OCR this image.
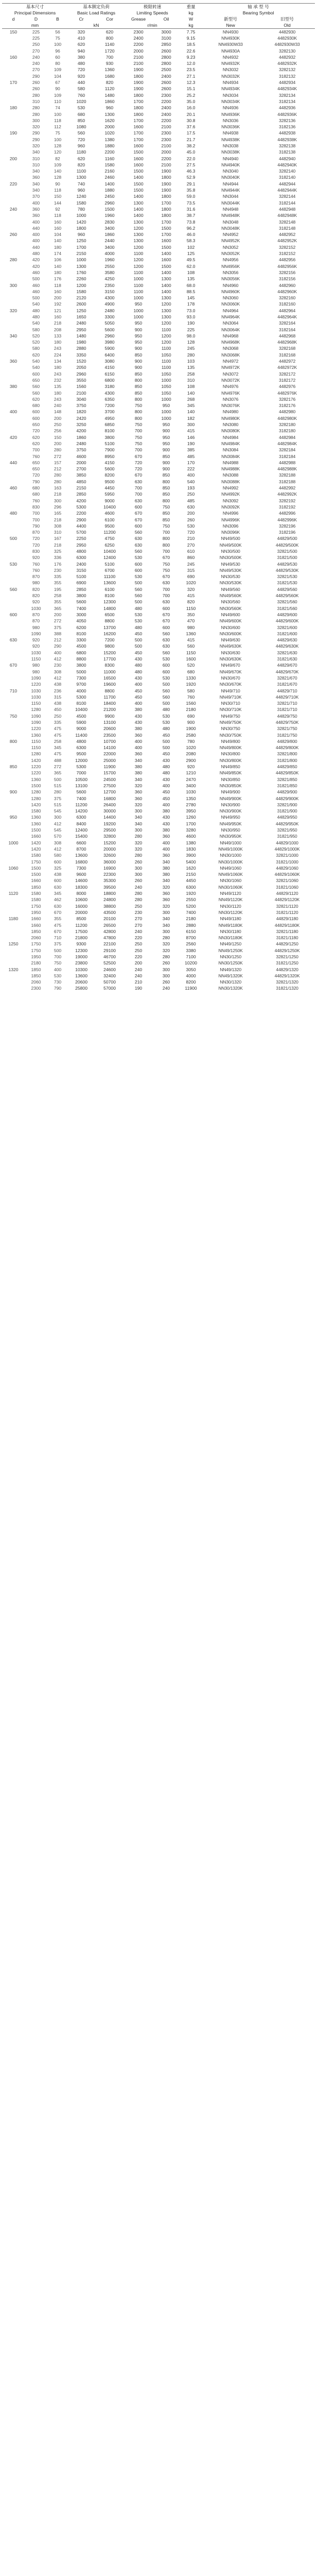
基本尺寸			基本额定负荷		极限转速		重量	轴 承 型 号	
Principal Dimensions			Basic Load Ratings		Limiting Speeds		kg	Bearing Symbol	
d	D	B	Cr	Cor	Grease	Oil	W	新型号	旧型号
mm			kN		r/min		kg	New	Old
150	225	56	320	620	2300	3000	7.75	NN4930	4482930
	225	75	410	800	2400	3100	9.15	NN4930K	4482930K
	250	100	620	1140	2200	2850	18.5	NN4930W33	4482930W33
	270	96	940	1720	2000	2600	22.6	NN4930A	3282130
160	240	60	380	700	2100	2800	9.23	NN4932	4482932
	240	80	480	930	2100	2800	12.0	NN4932K	4482932K
	270	109	720	1360	1900	2500	23.5	NN3032	3282132
	290	104	920	1680	1800	2400	27.1	NN3032K	3182132
170	260	67	440	820	1900	2600	12.3	NN4934	4482934
	260	90	580	1120	1900	2600	15.1	NN4934K	4482934K
	280	109	760	1480	1800	2300	25.2	NN3034	3282134
	310	110	1020	1860	1700	2200	35.0	NN3034K	3182134
180	280	74	530	960	1800	2400	16.0	NN4936	4482936
	280	100	680	1300	1800	2400	20.1	NN4936K	4482936K
	300	118	850	1620	1700	2200	30.8	NN3036	3282136
	320	112	1080	2000	1600	2100	37.6	NN3036K	3182136
190	290	75	560	1020	1700	2300	17.5	NN4938	4482938
	290	100	720	1380	1700	2300	21.7	NN4938K	4482938K
	320	128	960	1880	1600	2100	38.2	NN3038	3282138
	340	120	1180	2200	1500	2000	45.0	NN3038K	3182138
200	310	82	620	1160	1600	2200	22.0	NN4940	4482940
	310	109	820	1580	1600	2100	27.5	NN4940K	4482940K
	340	140	1100	2160	1500	1900	46.3	NN3040	3282140
	360	128	1300	2460	1400	1800	52.9	NN3040K	3182140
220	340	90	740	1400	1500	1900	29.1	NN4944	4482944
	340	118	960	1880	1500	1900	35.8	NN4944K	4482944K
	370	150	1240	2450	1400	1800	59.0	NN3044	3282144
	400	144	1580	2960	1300	1700	73.5	NN3044K	3182144
240	360	92	780	1500	1400	1800	31.6	NN4948	4482948
	360	118	1000	1960	1400	1800	38.7	NN4948K	4482948K
	400	160	1420	2830	1300	1700	73.8	NN3048	3282148
	440	160	1800	3400	1200	1500	96.2	NN3048K	3182148
260	400	104	960	1860	1300	1700	46.0	NN4952	4482952
	400	140	1250	2440	1300	1600	58.3	NN4952K	4482952K
	440	180	1700	3400	1200	1500	102	NN3052	3282152
	480	174	2150	4000	1100	1400	125	NN3052K	3182152
280	420	106	1000	1960	1200	1600	49.5	NN4956	4482956
	420	140	1300	2550	1200	1500	62.0	NN4956K	4482956K
	460	180	1760	3580	1100	1400	108	NN3056	3282156
	500	176	2260	4250	1000	1300	135	NN3056K	3182156
300	460	118	1200	2350	1100	1400	68.0	NN4960	4482960
	460	160	1580	3150	1100	1400	88.5	NN4960K	4482960K
	500	200	2120	4300	1000	1300	145	NN3060	3282160
	540	192	2600	4900	950	1200	178	NN3060K	3182160
320	480	121	1250	2480	1000	1300	73.0	NN4964	4482964
	480	160	1650	3300	1000	1300	93.0	NN4964K	4482964K
	540	218	2480	5050	950	1200	190	NN3064	3282164
	580	208	2950	5600	900	1100	225	NN3064K	3182164
340	520	133	1480	2960	950	1200	98.0	NN4968	4482968
	520	180	1980	3980	950	1200	128	NN4968K	4482968K
	580	243	2880	5900	900	1100	245	NN3068	3282168
	620	224	3350	6400	850	1050	280	NN3068K	3182168
360	540	134	1520	3080	900	1100	103	NN4972	4482972
	540	180	2050	4150	900	1100	135	NN4972K	4482972K
	600	243	2960	6150	850	1050	258	NN3072	3282172
	650	232	3550	6800	800	1000	310	NN3072K	3182172
380	560	135	1560	3180	850	1050	108	NN4976	4482976
	560	180	2100	4300	850	1050	140	NN4976K	4482976K
	620	243	3040	6350	800	1000	268	NN3076	3282176
	680	240	3750	7200	750	950	345	NN3076K	3182176
400	600	148	1820	3700	800	1000	140	NN4980	4482980
	600	200	2420	4950	800	1000	182	NN4980K	4482980K
	650	250	3250	6850	750	950	300	NN3080	3282180
	720	256	4200	8100	700	900	415	NN3080K	3182180
420	620	150	1860	3800	750	950	146	NN4984	4482984
	620	200	2480	5100	750	950	190	NN4984K	4482984K
	700	280	3750	7900	700	900	385	NN3084	3282184
	760	272	4600	8950	670	850	485	NN3084K	3182184
440	650	157	2000	4150	720	900	170	NN4988	4482988
	650	212	2700	5600	720	900	222	NN4988K	4482988K
	720	280	3850	8200	670	850	400	NN3088	3282188
	790	280	4850	9500	630	800	540	NN3088K	3182188
460	680	163	2150	4450	700	850	193	NN4992	4482992
	680	218	2850	5950	700	850	250	NN4992K	4482992K
	760	300	4200	9000	630	800	485	NN3092	3282192
	830	296	5300	10400	600	750	630	NN3092K	3182192
480	700	165	2200	4600	670	850	200	NN4996	4482996
	700	218	2900	6100	670	850	260	NN4996K	4482996K
	790	308	4400	9500	600	750	530	NN3096	3282196
	870	310	5700	11200	560	700	720	NN3096K	3182196
500	720	167	2250	4750	630	800	210	NN49/500	44829/500
	720	218	2950	6250	630	800	270	NN49/500K	44829/500K
	830	325	4800	10400	560	700	610	NN30/500	32821/500
	920	336	6300	12400	530	670	860	NN30/500K	31821/500
530	760	176	2400	5100	600	750	245	NN49/530	44829/530
	760	230	3150	6700	600	750	315	NN49/530K	44829/530K
	870	335	5100	11100	530	670	690	NN30/530	32821/530
	980	355	6900	13600	500	630	1020	NN30/530K	31821/530
560	820	195	2850	6100	560	700	320	NN49/560	44829/560
	820	258	3800	8100	560	700	415	NN49/560K	44829/560K
	920	355	5600	12300	500	630	820	NN30/560	32821/560
	1030	365	7400	14800	480	600	1150	NN30/560K	31821/560
600	870	200	3000	6500	530	670	350	NN49/600	44829/600
	870	272	4050	8800	530	670	470	NN49/600K	44829/600K
	980	375	6200	13700	480	600	980	NN30/600	32821/600
	1090	388	8100	16200	450	560	1360	NN30/600K	31821/600
630	920	212	3300	7200	500	630	415	NN49/630	44829/630
	920	290	4500	9800	500	630	560	NN49/630K	44829/630K
	1030	400	6800	15200	450	560	1150	NN30/630	32821/630
	1150	412	8800	17700	430	530	1600	NN30/630K	31821/630
670	980	230	3800	8300	480	600	520	NN49/670	44829/670
	980	308	5000	11000	480	600	680	NN49/670K	44829/670K
	1090	412	7300	16500	430	530	1330	NN30/670	32821/670
	1220	438	9700	19600	400	500	1920	NN30/670K	31821/670
710	1030	236	4000	8800	450	560	580	NN49/710	44829/710
	1030	315	5300	11700	450	560	760	NN49/710K	44829/710K
	1150	438	8100	18400	400	500	1560	NN30/710	32821/710
	1280	450	10400	21200	380	480	2180	NN30/710K	31821/710
750	1090	250	4500	9900	430	530	690	NN49/750	44829/750
	1090	335	5900	13100	430	530	900	NN49/750K	44829/750K
	1220	475	9000	20600	380	480	1900	NN30/750	32821/750
	1360	475	11400	23500	360	450	2580	NN30/750K	31821/750
800	1150	258	4800	10700	400	500	780	NN49/800	44829/800
	1150	345	6300	14100	400	500	1020	NN49/800K	44829/800K
	1280	475	9500	22000	360	450	2080	NN30/800	32821/800
	1420	488	12000	25000	340	430	2900	NN30/800K	31821/800
850	1220	272	5300	11900	380	480	920	NN49/850	44829/850
	1220	365	7000	15700	380	480	1210	NN49/850K	44829/850K
	1360	500	10500	24500	340	430	2470	NN30/850	32821/850
	1500	515	13100	27500	320	400	3400	NN30/850K	31821/850
900	1280	280	5600	12700	360	450	1030	NN49/900	44829/900
	1280	375	7400	16800	360	450	1350	NN49/900K	44829/900K
	1420	515	11200	26400	320	400	2780	NN30/900	32821/900
	1580	545	14200	30000	300	380	3950	NN30/900K	31821/900
950	1360	300	6300	14400	340	430	1260	NN49/950	44829/950
	1360	412	8400	19200	340	430	1700	NN49/950K	44829/950K
	1500	545	12400	29500	300	380	3280	NN30/950	32821/950
	1660	570	15400	32800	280	360	4600	NN30/950K	31821/950
1000	1420	308	6600	15200	320	400	1380	NN49/1000	44829/1000
	1420	412	8700	20000	320	400	1830	NN49/1000K	44829/1000K
	1580	580	13600	32600	280	360	3900	NN30/1000	32821/1000
	1750	600	16800	36000	260	340	5400	NN30/1000K	31821/1000
1060	1500	325	7300	16900	300	380	1620	NN49/1060	44829/1060
	1500	438	9600	22300	300	380	2150	NN49/1060K	44829/1060K
	1660	600	14600	35300	260	340	4450	NN30/1060	32821/1060
	1850	630	18300	39500	240	320	6300	NN30/1060K	31821/1060
1120	1580	345	8000	18800	280	360	1920	NN49/1120	44829/1120
	1580	462	10600	24800	280	360	2550	NN49/1120K	44829/1120K
	1750	630	16000	38800	250	320	5200	NN30/1120	32821/1120
	1950	670	20000	43500	230	300	7400	NN30/1120K	31821/1120
1180	1660	355	8500	20100	270	340	2180	NN49/1180	44829/1180
	1660	475	11200	26500	270	340	2880	NN49/1180K	44829/1180K
	1850	670	17500	42800	240	300	6150	NN30/1180	32821/1180
	2060	710	21800	47800	220	280	8700	NN30/1180K	31821/1180
1250	1750	375	9300	22100	250	320	2560	NN49/1250	44829/1250
	1750	500	12300	29100	250	320	3380	NN49/1250K	44829/1250K
	1950	700	19000	46700	220	280	7100	NN30/1250	32821/1250
	2180	750	23800	52500	200	260	10200	NN30/1250K	31821/1250
1320	1850	400	10300	24600	240	300	3050	NN49/1320	44829/1320
	1850	530	13600	32400	240	300	4000	NN49/1320K	44829/1320K
	2060	730	20600	50700	210	260	8200	NN30/1320	32821/1320
	2300	790	25800	57000	190	240	11900	NN30/1320K	31821/1320
